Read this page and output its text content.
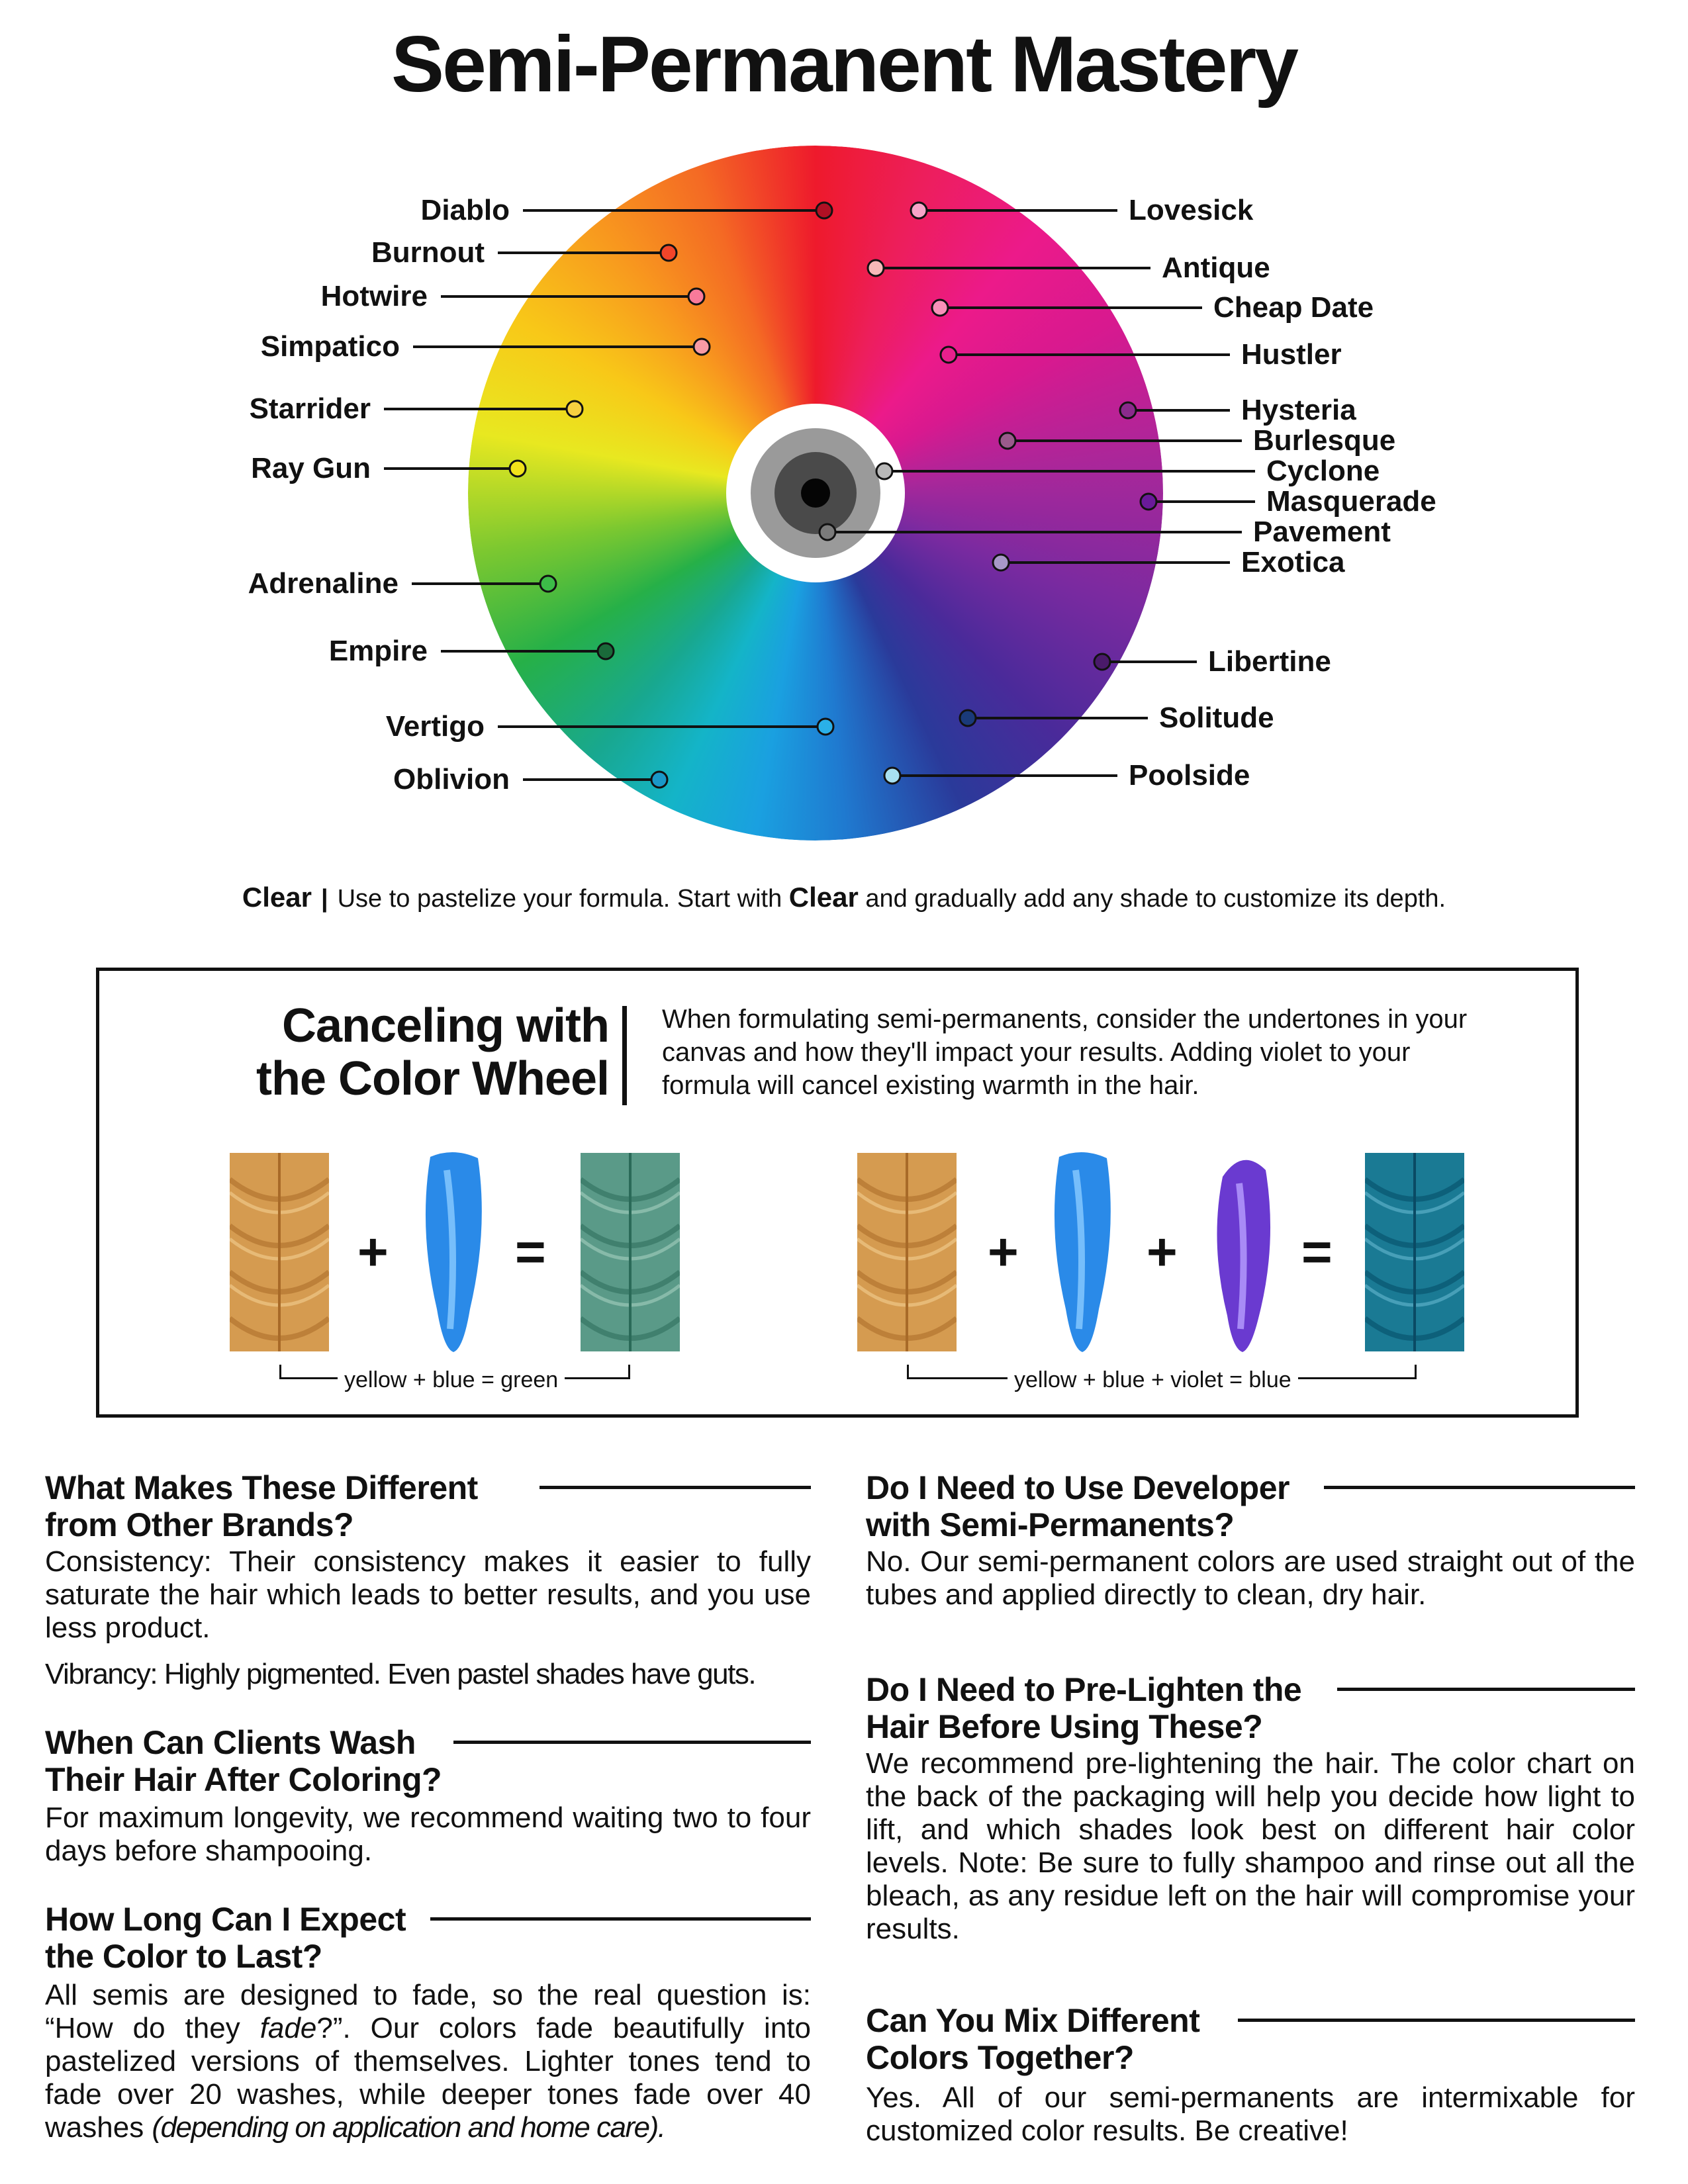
Semi-Permanent Mastery
Diablo
Burnout
Hotwire
Simpatico
Starrider
Ray Gun
Adrenaline
Empire
Vertigo
Oblivion
Lovesick
Antique
Cheap Date
Hustler
Hysteria
Burlesque
Cyclone
Masquerade
Pavement
Exotica
Libertine
Solitude
Poolside
Clear | Use to pastelize your formula. Start with Clear and gradually add any shade to customize its depth.
Canceling with
the Color Wheel
When formulating semi-permanents, consider the undertones in your canvas and how they'll impact your results. Adding violet to your formula will cancel existing warmth in the hair.
+ =
yellow + blue = green
+ + =
yellow + blue + violet = blue
What Makes These Different from Other Brands?
Consistency: Their consistency makes it easier to fully saturate the hair which leads to better results, and you use less product.
Vibrancy: Highly pigmented. Even pastel shades have guts.
When Can Clients Wash Their Hair After Coloring?
For maximum longevity, we recommend waiting two to four days before shampooing.
How Long Can I Expect the Color to Last?
All semis are designed to fade, so the real question is: “How do they fade?”. Our colors fade beautifully into pastelized versions of themselves. Lighter tones tend to fade over 20 washes, while deeper tones fade over 40 washes (depending on application and home care).
Do I Need to Use Developer with Semi-Permanents?
No. Our semi-permanent colors are used straight out of the tubes and applied directly to clean, dry hair.
Do I Need to Pre-Lighten the Hair Before Using These?
We recommend pre-lightening the hair. The color chart on the back of the packaging will help you decide how light to lift, and which shades look best on different hair color levels. Note: Be sure to fully shampoo and rinse out all the bleach, as any residue left on the hair will compromise your results.
Can You Mix Different Colors Together?
Yes. All of our semi-permanents are intermixable for customized color results. Be creative!
